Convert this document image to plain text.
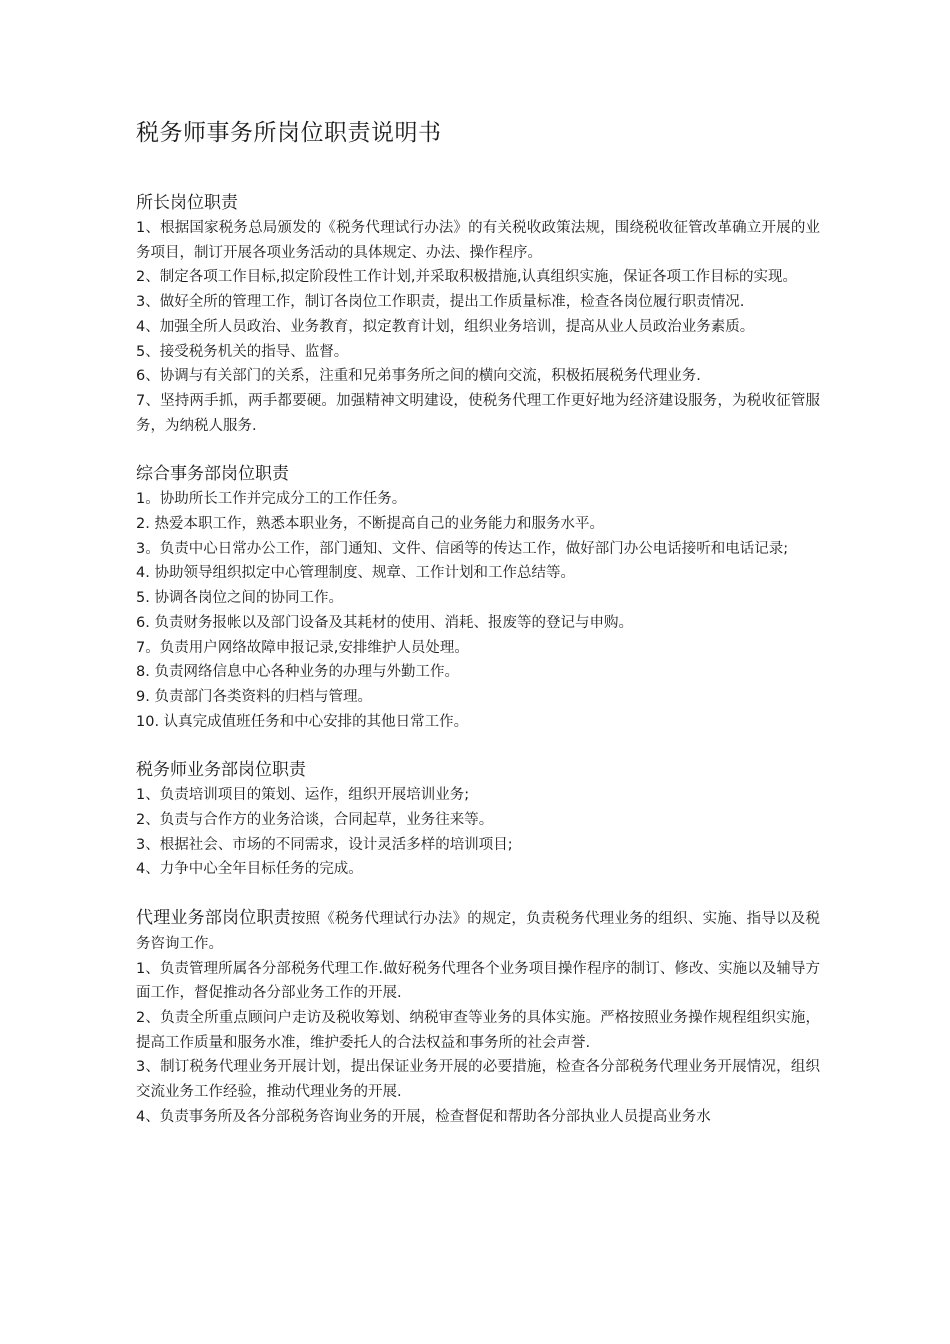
税务师事务所岗位职责说明书
所长岗位职责

1、根据国家税务总局颁发的《税务代理试行办法》的有关税收政策法规，围绕税收征管改革确立开展的业务项目，制订开展各项业务活动的具体规定、办法、操作程序。

2、制定各项工作目标,拟定阶段性工作计划,并采取积极措施,认真组织实施，保证各项工作目标的实现。

3、做好全所的管理工作，制订各岗位工作职责，提出工作质量标准，检查各岗位履行职责情况.

4、加强全所人员政治、业务教育，拟定教育计划，组织业务培训，提高从业人员政治业务素质。

5、接受税务机关的指导、监督。

6、协调与有关部门的关系，注重和兄弟事务所之间的横向交流，积极拓展税务代理业务.

7、坚持两手抓，两手都要硬。加强精神文明建设，使税务代理工作更好地为经济建设服务，为税收征管服务，为纳税人服务.

综合事务部岗位职责

1。协助所长工作并完成分工的工作任务。

2. 热爱本职工作，熟悉本职业务，不断提高自己的业务能力和服务水平。

3。负责中心日常办公工作，部门通知、文件、信函等的传达工作，做好部门办公电话接听和电话记录;

4. 协助领导组织拟定中心管理制度、规章、工作计划和工作总结等。

5. 协调各岗位之间的协同工作。

6. 负责财务报帐以及部门设备及其耗材的使用、消耗、报废等的登记与申购。

7。负责用户网络故障申报记录,安排维护人员处理。

8. 负责网络信息中心各种业务的办理与外勤工作。

9. 负责部门各类资料的归档与管理。

10. 认真完成值班任务和中心安排的其他日常工作。

税务师业务部岗位职责

1、负责培训项目的策划、运作，组织开展培训业务;

2、负责与合作方的业务洽谈，合同起草，业务往来等。

3、根据社会、市场的不同需求，设计灵活多样的培训项目;

4、力争中心全年目标任务的完成。

代理业务部岗位职责按照《税务代理试行办法》的规定，负责税务代理业务的组织、实施、指导以及税务咨询工作。

1、负责管理所属各分部税务代理工作.做好税务代理各个业务项目操作程序的制订、修改、实施以及辅导方面工作，督促推动各分部业务工作的开展.

2、负责全所重点顾问户走访及税收筹划、纳税审查等业务的具体实施。严格按照业务操作规程组织实施，提高工作质量和服务水准，维护委托人的合法权益和事务所的社会声誉.

3、制订税务代理业务开展计划，提出保证业务开展的必要措施，检查各分部税务代理业务开展情况，组织交流业务工作经验，推动代理业务的开展.

4、负责事务所及各分部税务咨询业务的开展，检查督促和帮助各分部执业人员提高业务水
